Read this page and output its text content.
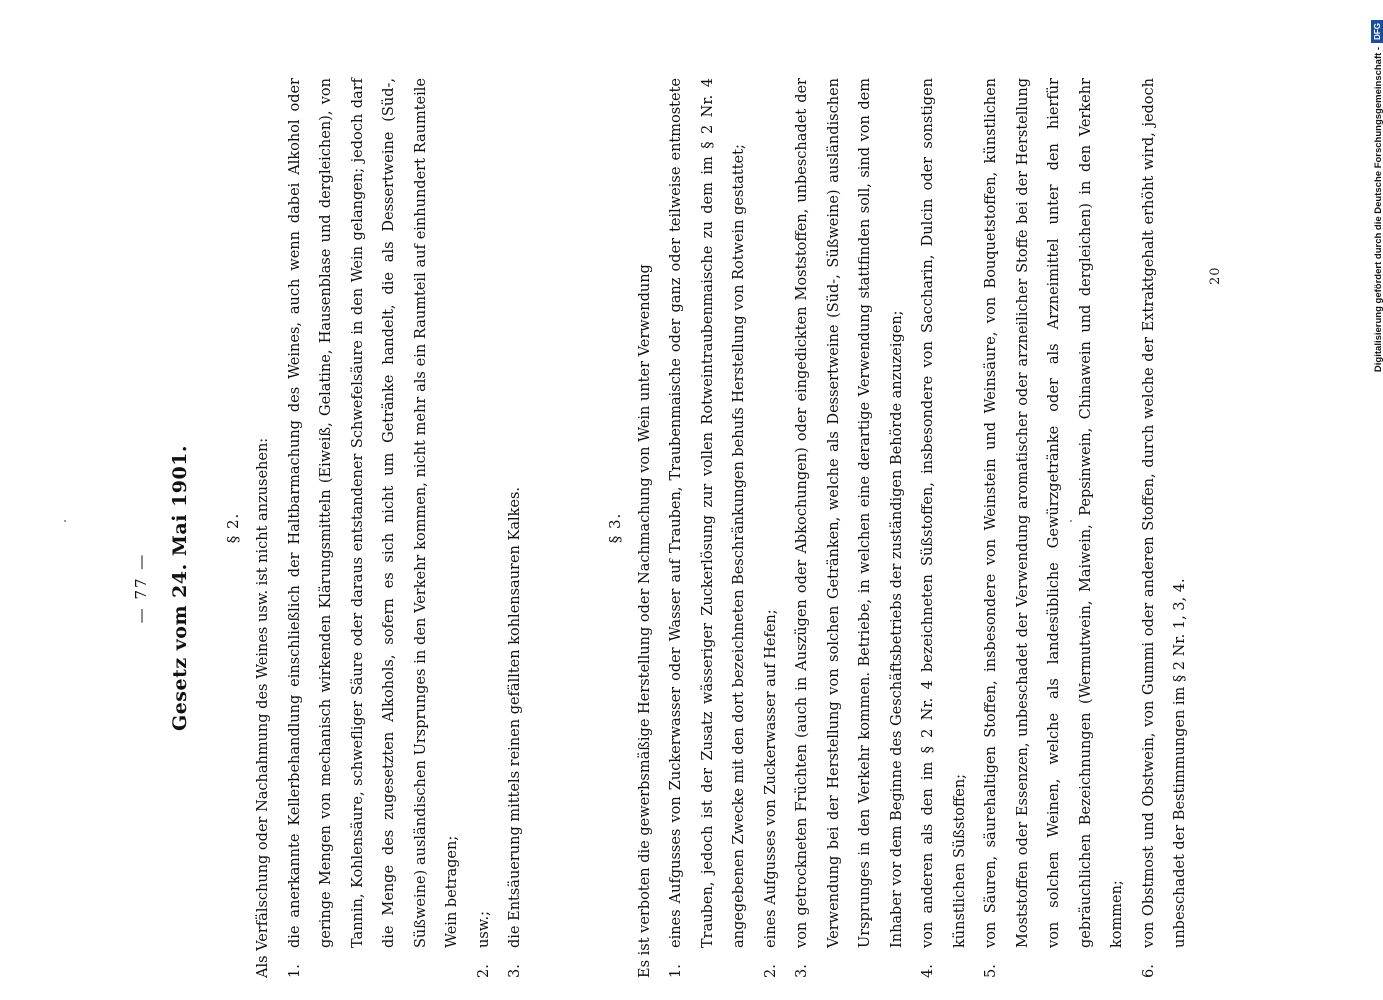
— 77 —	Gesetz vom 24. Mai 1901.	§ 2. Als Verfälschung oder Nachahmung des Weines usw. ist nicht anzusehen:	1.
die anerkannte Kellerbehandlung einschließlich der Haltbarmachung des Weines, auch wenn dabei Alkohol oder geringe Mengen von mechanisch wirkenden Klärungsmitteln (Eiweiß, Gelatine, Hausenblase und dergleichen), von Tannin, Kohlensäure, schwefliger Säure oder daraus entstandener Schwefelsäure in den Wein gelangen; jedoch darf die Menge des zugesetzten Alkohols, sofern es sich nicht um Getränke handelt, die als Dessertweine (Süd-, Süßweine) ausländischen Ursprunges in den Verkehr kommen, nicht mehr als ein Raumteil auf einhundert Raumteile Wein betragen;
2.
usw.;
3.
die Entsäuerung mittels reinen gefällten kohlensauren Kalkes.	§ 3. Es ist verboten die gewerbsmäßige Herstellung oder Nachmachung von Wein unter Verwendung	1.
eines Aufgusses von Zuckerwasser oder Wasser auf Trauben, Traubenmaische oder ganz oder teilweise entmostete Trauben, jedoch ist der Zusatz wässeriger Zuckerlösung zur vollen Rotweintraubenmaische zu dem im § 2 Nr. 4 angegebenen Zwecke mit den dort bezeichneten Beschränkungen behufs Herstellung von Rotwein gestattet;
2.
eines Aufgusses von Zuckerwasser auf Hefen;
3.
von getrockneten Früchten (auch in Auszügen oder Abkochungen) oder eingedickten Moststoffen, unbeschadet der Verwendung bei der Herstellung von solchen Getränken, welche als Dessertweine (Süd-, Süßweine) ausländischen Ursprunges in den Verkehr kommen. Betriebe, in welchen eine derartige Verwendung stattfinden soll, sind von dem Inhaber vor dem Beginne des Geschäftsbetriebs der zuständigen Behörde anzuzeigen;
4.
von anderen als den im § 2 Nr. 4 bezeichneten Süßstoffen, insbesondere von Saccharin, Dulcin oder sonstigen künstlichen Süßstoffen;
5.
von Säuren, säurehaltigen Stoffen, insbesondere von Weinstein und Weinsäure, von Bouquetstoffen, künstlichen Moststoffen oder Essenzen, unbeschadet der Verwendung aromatischer oder arzneilicher Stoffe bei der Herstellung von solchen Weinen, welche als landesübliche Gewürzgetränke oder als Arzneimittel unter den hierfür gebräuchlichen Bezeichnungen (Wermutwein, Maiwein, Pepsinwein, Chinawein und dergleichen) in den Verkehr kommen;
6.
von Obstmost und Obstwein, von Gummi oder anderen Stoffen, durch welche der Extraktgehalt erhöht wird, jedoch unbeschadet der Bestimmungen im § 2 Nr. 1, 3, 4.
20	Digitalisierung gefördert durch die Deutsche Forschungsgemeinschaft -
DFG
